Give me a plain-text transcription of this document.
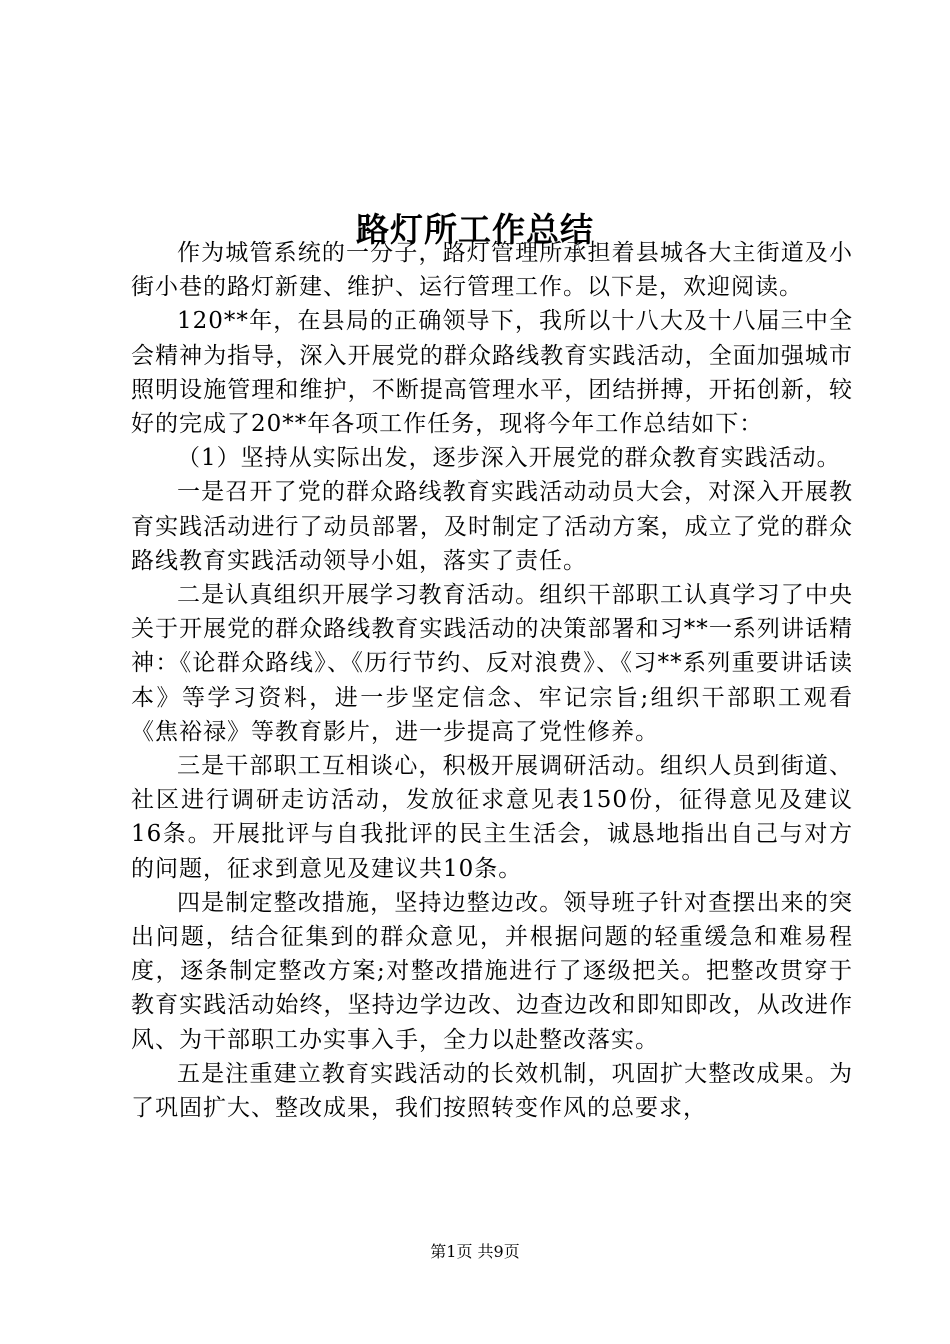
路灯所工作总结

作为城管系统的一分子，路灯管理所承担着县城各大主街道及小街小巷的路灯新建、维护、运行管理工作。以下是，欢迎阅读。

120**年，在县局的正确领导下，我所以十八大及十八届三中全会精神为指导，深入开展党的群众路线教育实践活动，全面加强城市照明设施管理和维护，不断提高管理水平，团结拼搏，开拓创新，较好的完成了20**年各项工作任务，现将今年工作总结如下：

（1）坚持从实际出发，逐步深入开展党的群众教育实践活动。

一是召开了党的群众路线教育实践活动动员大会，对深入开展教育实践活动进行了动员部署，及时制定了活动方案，成立了党的群众路线教育实践活动领导小姐，落实了责任。

二是认真组织开展学习教育活动。组织干部职工认真学习了中央关于开展党的群众路线教育实践活动的决策部署和习**一系列讲话精神：《论群众路线》、《历行节约、反对浪费》、《习**系列重要讲话读本》等学习资料，进一步坚定信念、牢记宗旨;组织干部职工观看《焦裕禄》等教育影片，进一步提高了党性修养。

三是干部职工互相谈心，积极开展调研活动。组织人员到街道、社区进行调研走访活动，发放征求意见表150份，征得意见及建议16条。开展批评与自我批评的民主生活会，诚恳地指出自己与对方的问题，征求到意见及建议共10条。

四是制定整改措施，坚持边整边改。领导班子针对查摆出来的突出问题，结合征集到的群众意见，并根据问题的轻重缓急和难易程度，逐条制定整改方案;对整改措施进行了逐级把关。把整改贯穿于教育实践活动始终，坚持边学边改、边查边改和即知即改，从改进作风、为干部职工办实事入手，全力以赴整改落实。

五是注重建立教育实践活动的长效机制，巩固扩大整改成果。为了巩固扩大、整改成果，我们按照转变作风的总要求，

第1页 共9页
